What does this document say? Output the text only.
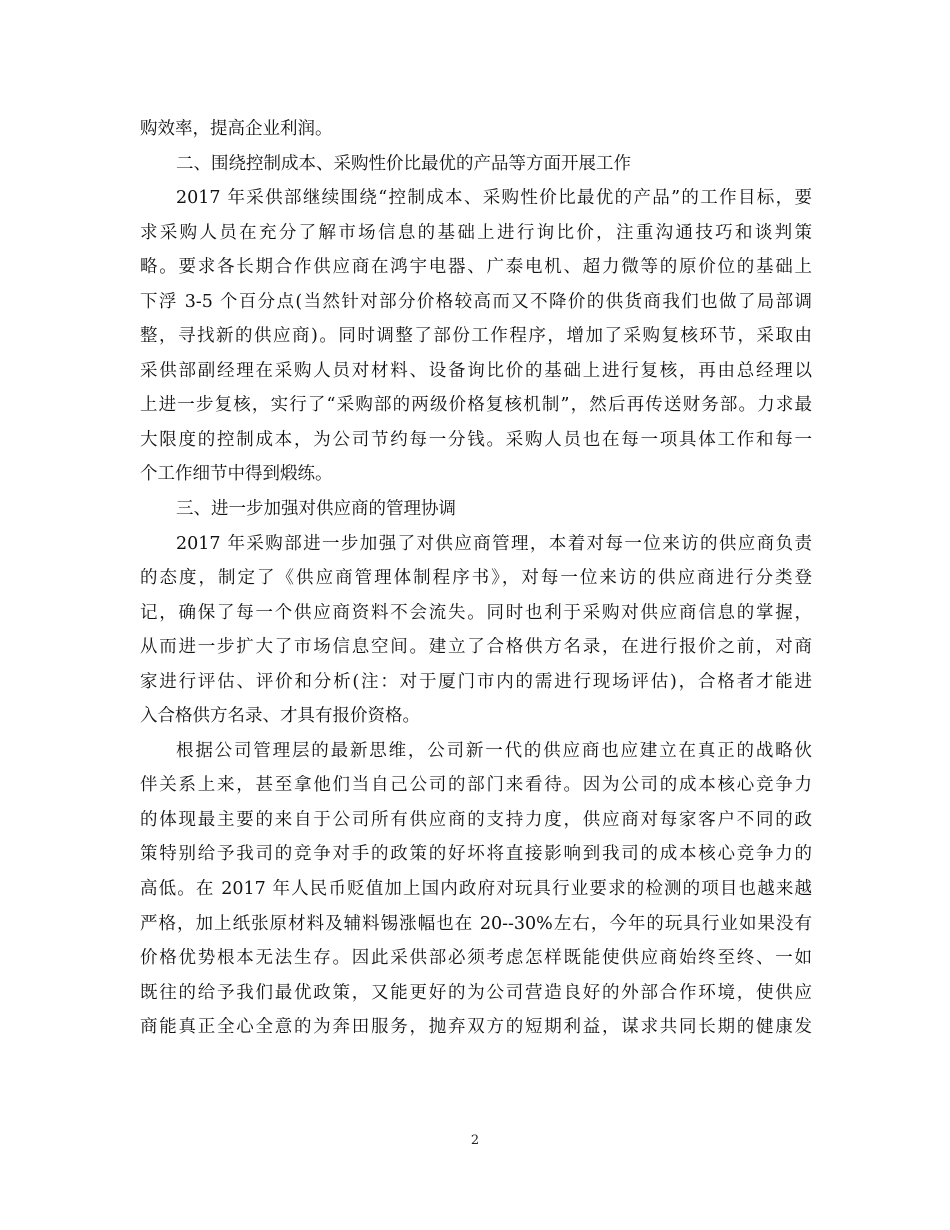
购效率，提高企业利润。
二、围绕控制成本、采购性价比最优的产品等方面开展工作
2017 年采供部继续围绕“控制成本、采购性价比最优的产品”的工作目标，要
求采购人员在充分了解市场信息的基础上进行询比价，注重沟通技巧和谈判策
略。要求各长期合作供应商在鸿宇电器、广泰电机、超力微等的原价位的基础上
下浮 3-5 个百分点(当然针对部分价格较高而又不降价的供货商我们也做了局部调
整，寻找新的供应商)。同时调整了部份工作程序，增加了采购复核环节，采取由
采供部副经理在采购人员对材料、设备询比价的基础上进行复核，再由总经理以
上进一步复核，实行了“采购部的两级价格复核机制”，然后再传送财务部。力求最
大限度的控制成本，为公司节约每一分钱。采购人员也在每一项具体工作和每一
个工作细节中得到煅练。
三、进一步加强对供应商的管理协调
2017 年采购部进一步加强了对供应商管理，本着对每一位来访的供应商负责
的态度，制定了《供应商管理体制程序书》，对每一位来访的供应商进行分类登
记，确保了每一个供应商资料不会流失。同时也利于采购对供应商信息的掌握，
从而进一步扩大了市场信息空间。建立了合格供方名录，在进行报价之前，对商
家进行评估、评价和分析(注：对于厦门市内的需进行现场评估)，合格者才能进
入合格供方名录、才具有报价资格。
根据公司管理层的最新思维，公司新一代的供应商也应建立在真正的战略伙
伴关系上来，甚至拿他们当自己公司的部门来看待。因为公司的成本核心竞争力
的体现最主要的来自于公司所有供应商的支持力度，供应商对每家客户不同的政
策特别给予我司的竞争对手的政策的好坏将直接影响到我司的成本核心竞争力的
高低。在 2017 年人民币贬值加上国内政府对玩具行业要求的检测的项目也越来越
严格，加上纸张原材料及辅料锡涨幅也在 20--30%左右，今年的玩具行业如果没有
价格优势根本无法生存。因此采供部必须考虑怎样既能使供应商始终至终、一如
既往的给予我们最优政策，又能更好的为公司营造良好的外部合作环境，使供应
商能真正全心全意的为奔田服务，抛弃双方的短期利益，谋求共同长期的健康发
2
